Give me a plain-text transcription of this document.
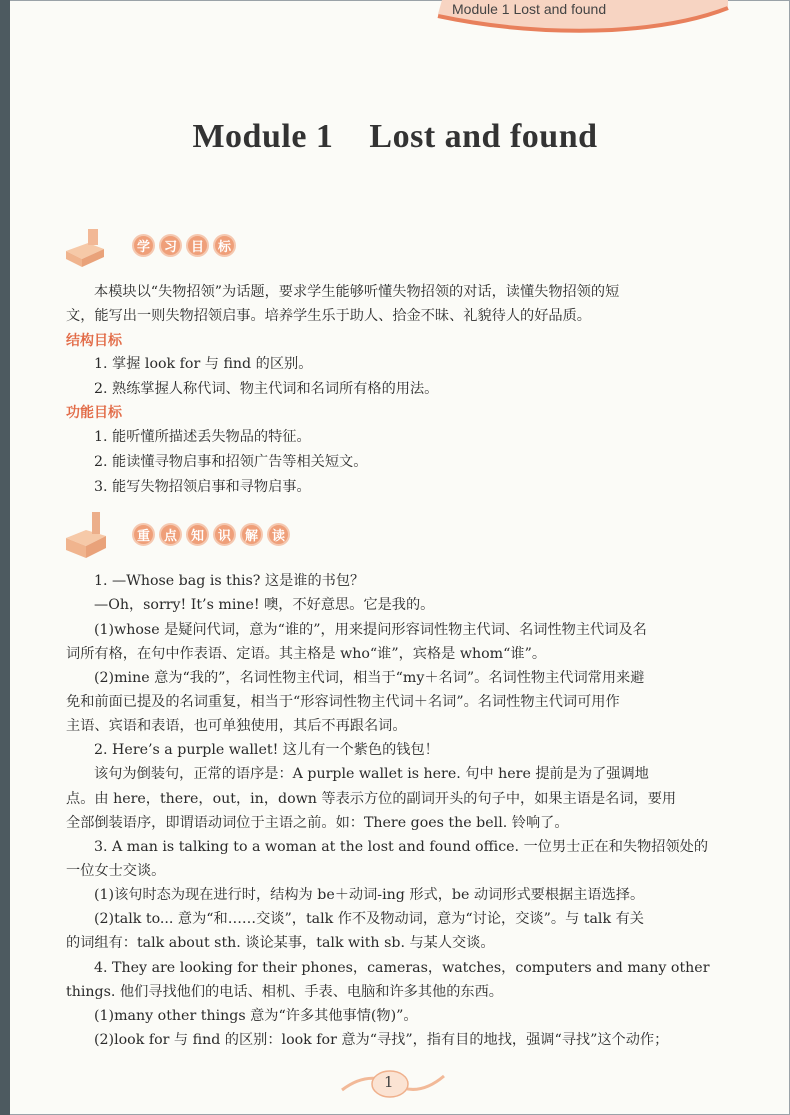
Module 1 Lost and found
Module 1    Lost and found
学	习	目	标
本模块以“失物招领”为话题，要求学生能够听懂失物招领的对话，读懂失物招领的短
文，能写出一则失物招领启事。培养学生乐于助人、拾金不昧、礼貌待人的好品质。
结构目标
1. 掌握 look for 与 find 的区别。
2. 熟练掌握人称代词、物主代词和名词所有格的用法。
功能目标
1. 能听懂所描述丢失物品的特征。
2. 能读懂寻物启事和招领广告等相关短文。
3. 能写失物招领启事和寻物启事。
重	点	知	识	解	读
1. —Whose bag is this? 这是谁的书包？
—Oh，sorry! It’s mine! 噢，不好意思。它是我的。
(1)whose 是疑问代词，意为“谁的”，用来提问形容词性物主代词、名词性物主代词及名
词所有格，在句中作表语、定语。其主格是 who“谁”，宾格是 whom“谁”。
(2)mine 意为“我的”，名词性物主代词，相当于“my＋名词”。名词性物主代词常用来避
免和前面已提及的名词重复，相当于“形容词性物主代词＋名词”。名词性物主代词可用作
主语、宾语和表语，也可单独使用，其后不再跟名词。
2. Here’s a purple wallet! 这儿有一个紫色的钱包！
该句为倒装句，正常的语序是：A purple wallet is here. 句中 here 提前是为了强调地
点。由 here，there，out，in，down 等表示方位的副词开头的句子中，如果主语是名词，要用
全部倒装语序，即谓语动词位于主语之前。如：There goes the bell. 铃响了。
3. A man is talking to a woman at the lost and found office. 一位男士正在和失物招领处的
一位女士交谈。
(1)该句时态为现在进行时，结构为 be＋动词-ing 形式，be 动词形式要根据主语选择。
(2)talk to... 意为“和……交谈”，talk 作不及物动词，意为“讨论，交谈”。与 talk 有关
的词组有：talk about sth. 谈论某事，talk with sb. 与某人交谈。
4. They are looking for their phones，cameras，watches，computers and many other
things. 他们寻找他们的电话、相机、手表、电脑和许多其他的东西。
(1)many other things 意为“许多其他事情(物)”。
(2)look for 与 find 的区别：look for 意为“寻找”，指有目的地找，强调“寻找”这个动作；
1
